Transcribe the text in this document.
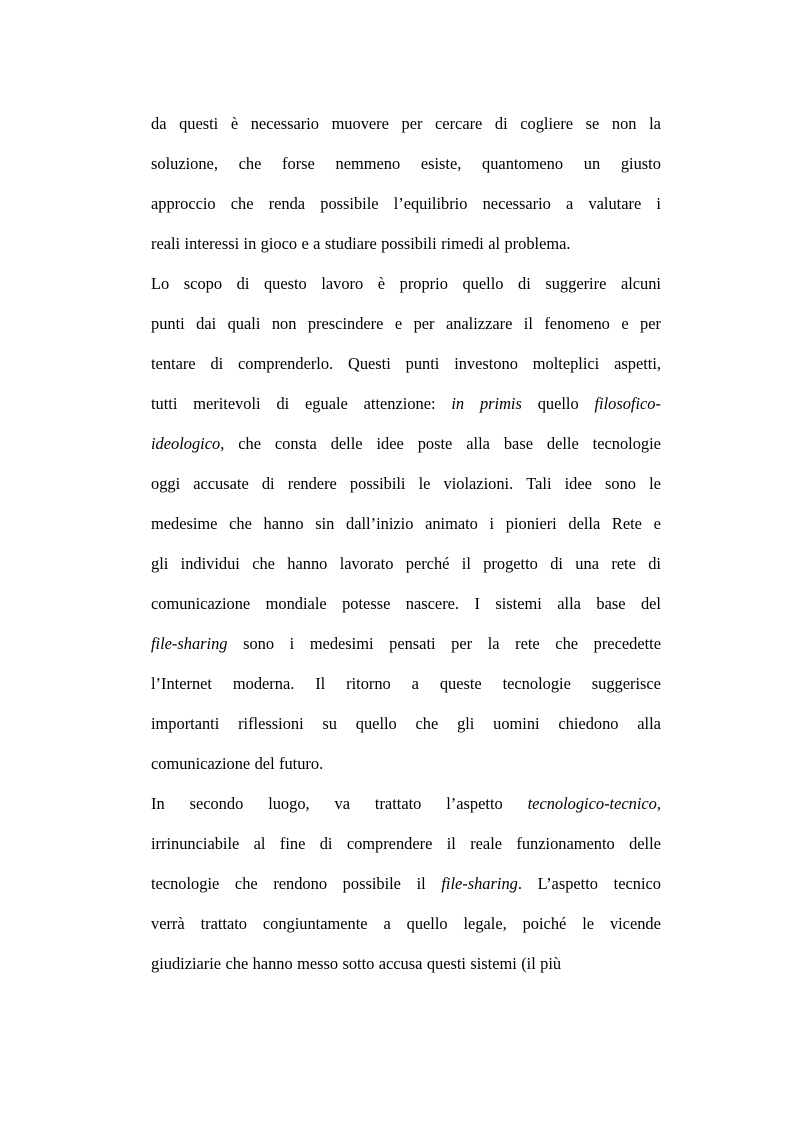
da questi è necessario muovere per cercare di cogliere se non la
soluzione, che forse nemmeno esiste, quantomeno un giusto
approccio che renda possibile l’equilibrio necessario a valutare i
reali interessi in gioco e a studiare possibili rimedi al problema.
Lo scopo di questo lavoro è proprio quello di suggerire alcuni
punti dai quali non prescindere e per analizzare il fenomeno e per
tentare di comprenderlo. Questi punti investono molteplici aspetti,
tutti meritevoli di eguale attenzione: in primis quello filosofico-
ideologico, che consta delle idee poste alla base delle tecnologie
oggi accusate di rendere possibili le violazioni. Tali idee sono le
medesime che hanno sin dall’inizio animato i pionieri della Rete e
gli individui che hanno lavorato perché il progetto di una rete di
comunicazione mondiale potesse nascere. I sistemi alla base del
file-sharing sono i medesimi pensati per la rete che precedette
l’Internet moderna. Il ritorno a queste tecnologie suggerisce
importanti riflessioni su quello che gli uomini chiedono alla
comunicazione del futuro.
In secondo luogo, va trattato l’aspetto tecnologico-tecnico,
irrinunciabile al fine di comprendere il reale funzionamento delle
tecnologie che rendono possibile il file-sharing. L’aspetto tecnico
verrà trattato congiuntamente a quello legale, poiché le vicende
giudiziarie che hanno messo sotto accusa questi sistemi (il più
